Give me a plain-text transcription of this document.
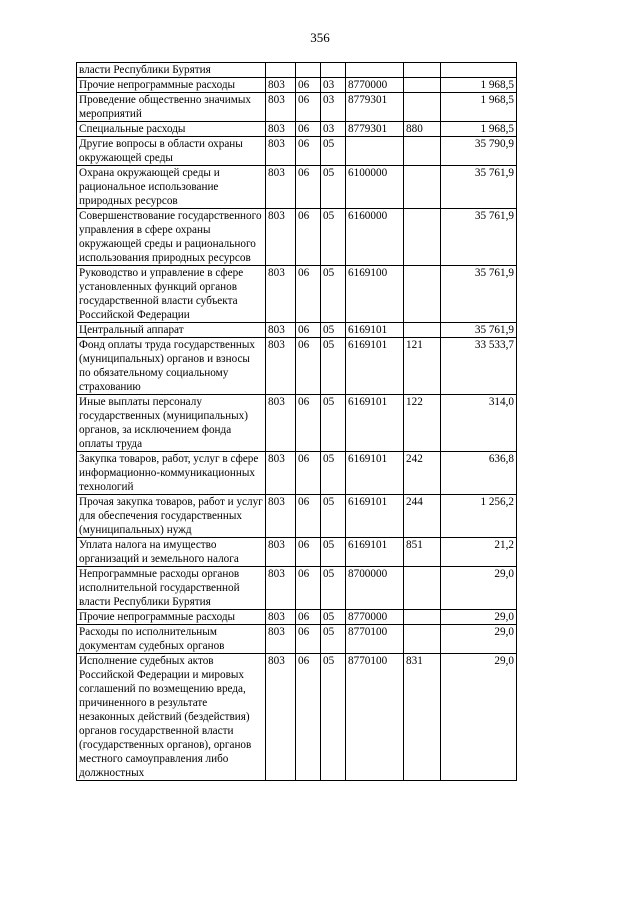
356
власти Республики Бурятия						
Прочие непрограммные расходы	803	06	03	8770000		1 968,5
Проведение общественно значимых мероприятий	803	06	03	8779301		1 968,5
Специальные расходы	803	06	03	8779301	880	1 968,5
Другие вопросы в области охраны окружающей среды	803	06	05			35 790,9
Охрана окружающей среды и рациональное использование природных ресурсов	803	06	05	6100000		35 761,9
Совершенствование государственного управления в сфере охраны окружающей среды и рационального использования природных ресурсов	803	06	05	6160000		35 761,9
Руководство и управление в сфере установленных функций органов государственной власти субъекта Российской Федерации	803	06	05	6169100		35 761,9
Центральный аппарат	803	06	05	6169101		35 761,9
Фонд оплаты труда государственных (муниципальных) органов и взносы по обязательному социальному страхованию	803	06	05	6169101	121	33 533,7
Иные выплаты персоналу государственных (муниципальных) органов, за исключением фонда оплаты труда	803	06	05	6169101	122	314,0
Закупка товаров, работ, услуг в сфере информационно-коммуникационных технологий	803	06	05	6169101	242	636,8
Прочая закупка товаров, работ и услуг для обеспечения государственных (муниципальных) нужд	803	06	05	6169101	244	1 256,2
Уплата налога на имущество организаций и земельного налога	803	06	05	6169101	851	21,2
Непрограммные расходы органов исполнительной государственной власти Республики Бурятия	803	06	05	8700000		29,0
Прочие непрограммные расходы	803	06	05	8770000		29,0
Расходы по исполнительным документам судебных органов	803	06	05	8770100		29,0
Исполнение судебных актов Российской Федерации и мировых соглашений по возмещению вреда, причиненного в результате незаконных действий (бездействия) органов государственной власти (государственных органов), органов местного самоуправления либо должностных	803	06	05	8770100	831	29,0
